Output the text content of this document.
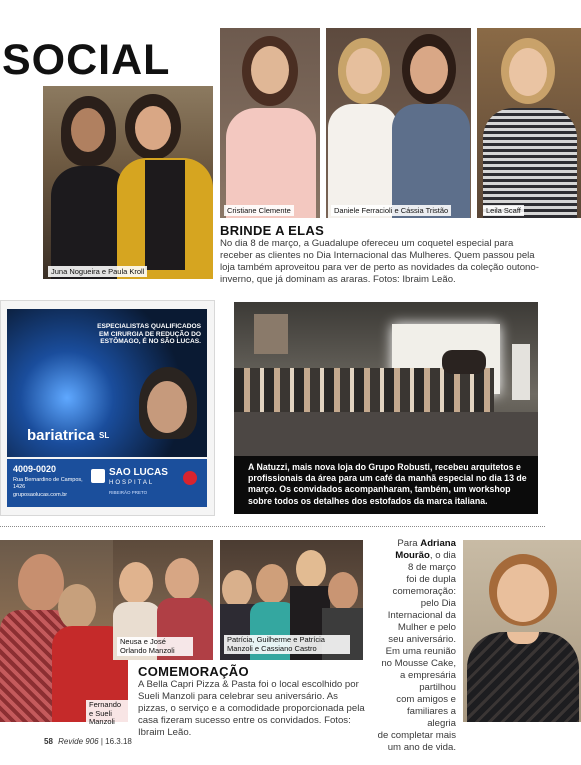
SOCIAL
Juna Nogueira e Paula Kroll
Cristiane Clemente	Daniele Ferracioli e Cássia Tristão	Leila Scaff
BRINDE A ELAS
No dia 8 de março, a Guadalupe ofereceu um coquetel especial para receber as clientes no Dia Internacional das Mulheres. Quem passou pela loja também aproveitou para ver de perto as novidades da coleção outono-inverno, que já dominam as araras. Fotos: Ibraim Leão.
ESPECIALISTAS QUALIFICADOS EM CIRURGIA DE REDUÇÃO DO ESTÔMAGO, É NO SÃO LUCAS.
bariatrica SL
4009-0020
Rua Bernardino de Campos, 1426
gruposaolucas.com.br
SAO LUCAS
HOSPITAL
RIBEIRÃO PRETO
A Natuzzi, mais nova loja do Grupo Robusti, recebeu arquitetos e profissionais da área para um café da manhã especial no dia 13 de março. Os convidados acompanharam, também, um workshop sobre todos os detalhes dos estofados da marca italiana.
Fernando e Sueli Manzoli
Neusa e José Orlando Manzoli
Patrícia, Guilherme e Patrícia Manzoli e Cassiano Castro
COMEMORAÇÃO
A Bella Capri Pizza & Pasta foi o local escolhido por Sueli Manzoli para celebrar seu aniversário. As pizzas, o serviço e a comodidade proporcionada pela casa fizeram sucesso entre os convidados. Fotos: Ibraim Leão.
Para Adriana Mourão, o dia
8 de março
foi de dupla
comemoração:
pelo Dia
Internacional da
Mulher e pelo
seu aniversário.
Em uma reunião
no Mousse Cake,
a empresária
partilhou
com amigos e
familiares a alegria
de completar mais
um ano de vida.
58 Revide 906 | 16.3.18
